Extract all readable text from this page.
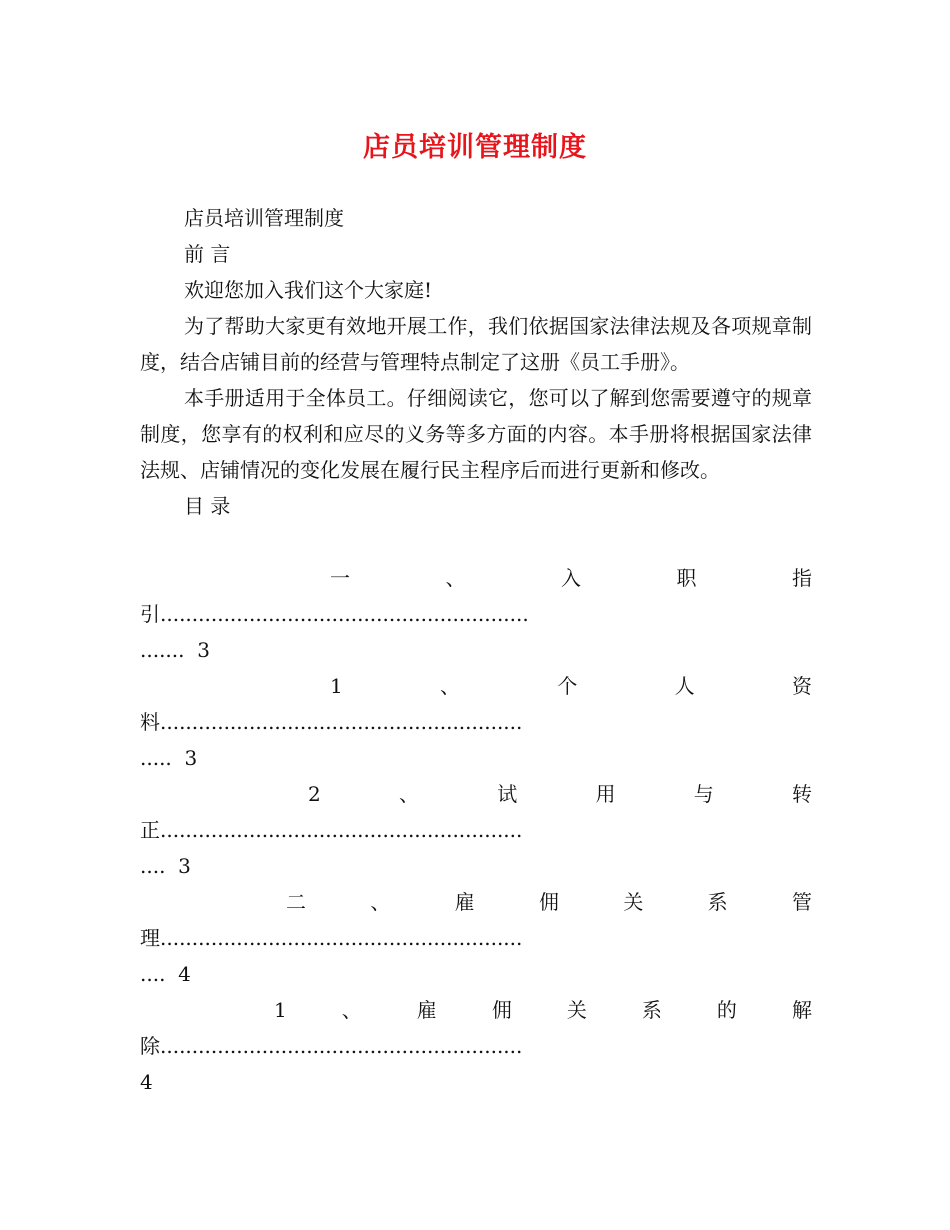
店员培训管理制度

店员培训管理制度

前 言

欢迎您加入我们这个大家庭!

为了帮助大家更有效地开展工作，我们依据国家法律法规及各项规章制度，结合店铺目前的经营与管理特点制定了这册《员工手册》。

本手册适用于全体员工。仔细阅读它，您可以了解到您需要遵守的规章制度，您享有的权利和应尽的义务等多方面的内容。本手册将根据国家法律法规、店铺情况的变化发展在履行民主程序后而进行更新和修改。

目 录

一	、	入	职	指
引..........................................................
....... 3
1	、	个	人	资
料.........................................................
..... 3
2	、	试	用	与	转
正.........................................................
.... 3
二	、	雇	佣	关	系	管
理.........................................................
.... 4
1	、	雇	佣	关	系	的	解
除.........................................................
4
